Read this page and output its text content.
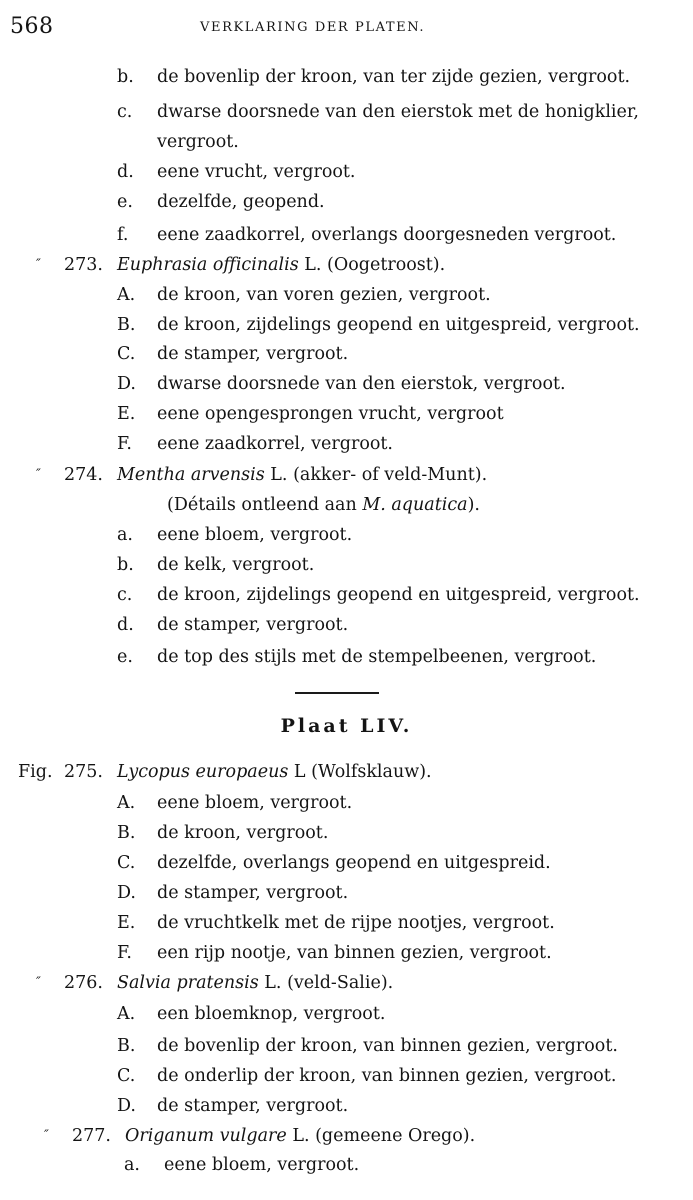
568	VERKLARING DER PLATEN.
b. de bovenlip der kroon, van ter zijde gezien, vergroot.
c. dwarse doorsnede van den eierstok met de honigklier,
vergroot.
d. eene vrucht, vergroot.
e. dezelfde, geopend.
f. eene zaadkorrel, overlangs doorgesneden vergroot.
″ 273. Euphrasia officinalis L. (Oogetroost).
A. de kroon, van voren gezien, vergroot.
B. de kroon, zijdelings geopend en uitgespreid, vergroot.
C. de stamper, vergroot.
D. dwarse doorsnede van den eierstok, vergroot.
E. eene opengesprongen vrucht, vergroot
F. eene zaadkorrel, vergroot.
″ 274. Mentha arvensis L. (akker- of veld-Munt).
(Détails ontleend aan M. aquatica).
a. eene bloem, vergroot.
b. de kelk, vergroot.
c. de kroon, zijdelings geopend en uitgespreid, vergroot.
d. de stamper, vergroot.
e. de top des stijls met de stempelbeenen, vergroot.
Plaat LIV.
Fig. 275. Lycopus europaeus L (Wolfsklauw).
A. eene bloem, vergroot.
B. de kroon, vergroot.
C. dezelfde, overlangs geopend en uitgespreid.
D. de stamper, vergroot.
E. de vruchtkelk met de rijpe nootjes, vergroot.
F. een rijp nootje, van binnen gezien, vergroot.
″ 276. Salvia pratensis L. (veld-Salie).
A. een bloemknop, vergroot.
B. de bovenlip der kroon, van binnen gezien, vergroot.
C. de onderlip der kroon, van binnen gezien, vergroot.
D. de stamper, vergroot.
″ 277. Origanum vulgare L. (gemeene Orego).
a. eene bloem, vergroot.
